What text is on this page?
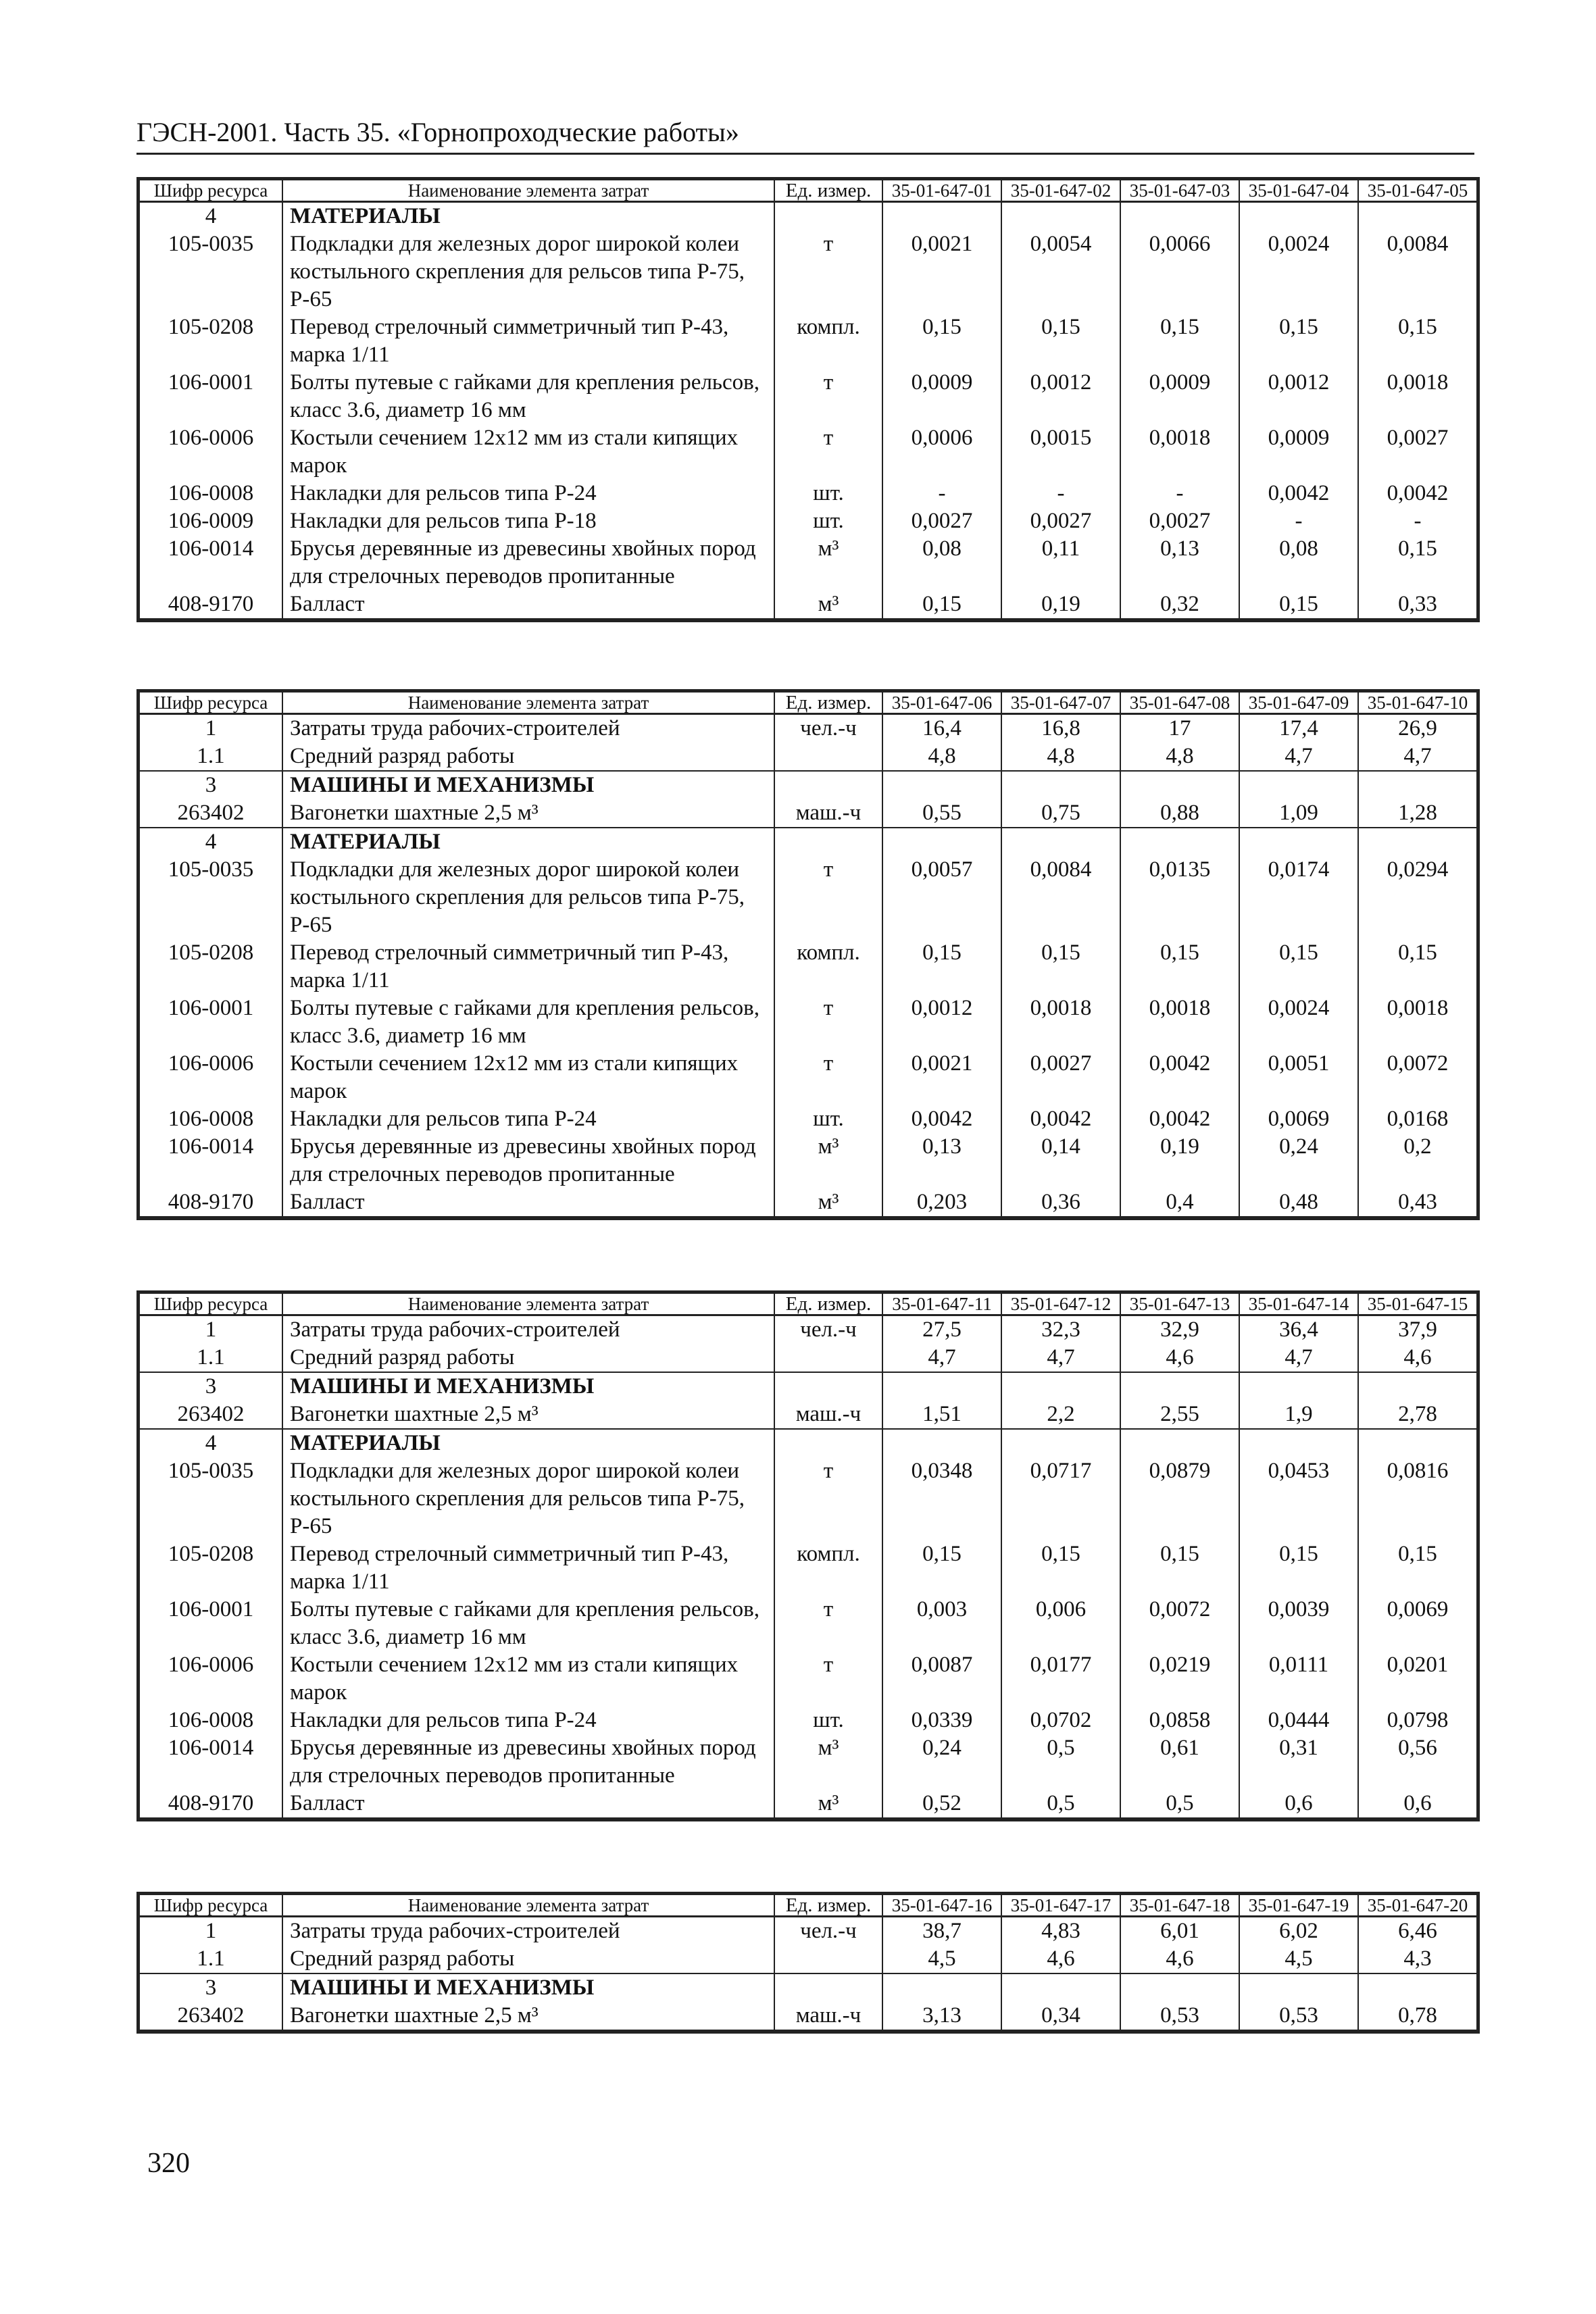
ГЭСН-2001. Часть 35. «Горнопроходческие работы»
Шифр ресурса	Наименование элемента затрат	Ед. измер.	35-01-647-01	35-01-647-02	35-01-647-03	35-01-647-04	35-01-647-05
4	МАТЕРИАЛЫ						
105-0035	Подкладки для железных дорог широкой колеи костыльного скрепления для рельсов типа Р-75, Р-65	т	0,0021	0,0054	0,0066	0,0024	0,0084
105-0208	Перевод стрелочный симметричный тип Р-43, марка 1/11	компл.	0,15	0,15	0,15	0,15	0,15
106-0001	Болты путевые с гайками для крепления рельсов, класс 3.6, диаметр 16 мм	т	0,0009	0,0012	0,0009	0,0012	0,0018
106-0006	Костыли сечением 12х12 мм из стали кипящих марок	т	0,0006	0,0015	0,0018	0,0009	0,0027
106-0008	Накладки для рельсов типа Р-24	шт.	-	-	-	0,0042	0,0042
106-0009	Накладки для рельсов типа Р-18	шт.	0,0027	0,0027	0,0027	-	-
106-0014	Брусья деревянные из древесины хвойных пород для стрелочных переводов пропитанные	м³	0,08	0,11	0,13	0,08	0,15
408-9170	Балласт	м³	0,15	0,19	0,32	0,15	0,33
Шифр ресурса	Наименование элемента затрат	Ед. измер.	35-01-647-06	35-01-647-07	35-01-647-08	35-01-647-09	35-01-647-10
1	Затраты труда рабочих-строителей	чел.-ч	16,4	16,8	17	17,4	26,9
1.1	Средний разряд работы		4,8	4,8	4,8	4,7	4,7
3	МАШИНЫ И МЕХАНИЗМЫ						
263402	Вагонетки шахтные 2,5 м³	маш.-ч	0,55	0,75	0,88	1,09	1,28
4	МАТЕРИАЛЫ						
105-0035	Подкладки для железных дорог широкой колеи костыльного скрепления для рельсов типа Р-75, Р-65	т	0,0057	0,0084	0,0135	0,0174	0,0294
105-0208	Перевод стрелочный симметричный тип Р-43, марка 1/11	компл.	0,15	0,15	0,15	0,15	0,15
106-0001	Болты путевые с гайками для крепления рельсов, класс 3.6, диаметр 16 мм	т	0,0012	0,0018	0,0018	0,0024	0,0018
106-0006	Костыли сечением 12х12 мм из стали кипящих марок	т	0,0021	0,0027	0,0042	0,0051	0,0072
106-0008	Накладки для рельсов типа Р-24	шт.	0,0042	0,0042	0,0042	0,0069	0,0168
106-0014	Брусья деревянные из древесины хвойных пород для стрелочных переводов пропитанные	м³	0,13	0,14	0,19	0,24	0,2
408-9170	Балласт	м³	0,203	0,36	0,4	0,48	0,43
Шифр ресурса	Наименование элемента затрат	Ед. измер.	35-01-647-11	35-01-647-12	35-01-647-13	35-01-647-14	35-01-647-15
1	Затраты труда рабочих-строителей	чел.-ч	27,5	32,3	32,9	36,4	37,9
1.1	Средний разряд работы		4,7	4,7	4,6	4,7	4,6
3	МАШИНЫ И МЕХАНИЗМЫ						
263402	Вагонетки шахтные 2,5 м³	маш.-ч	1,51	2,2	2,55	1,9	2,78
4	МАТЕРИАЛЫ						
105-0035	Подкладки для железных дорог широкой колеи костыльного скрепления для рельсов типа Р-75, Р-65	т	0,0348	0,0717	0,0879	0,0453	0,0816
105-0208	Перевод стрелочный симметричный тип Р-43, марка 1/11	компл.	0,15	0,15	0,15	0,15	0,15
106-0001	Болты путевые с гайками для крепления рельсов, класс 3.6, диаметр 16 мм	т	0,003	0,006	0,0072	0,0039	0,0069
106-0006	Костыли сечением 12х12 мм из стали кипящих марок	т	0,0087	0,0177	0,0219	0,0111	0,0201
106-0008	Накладки для рельсов типа Р-24	шт.	0,0339	0,0702	0,0858	0,0444	0,0798
106-0014	Брусья деревянные из древесины хвойных пород для стрелочных переводов пропитанные	м³	0,24	0,5	0,61	0,31	0,56
408-9170	Балласт	м³	0,52	0,5	0,5	0,6	0,6
Шифр ресурса	Наименование элемента затрат	Ед. измер.	35-01-647-16	35-01-647-17	35-01-647-18	35-01-647-19	35-01-647-20
1	Затраты труда рабочих-строителей	чел.-ч	38,7	4,83	6,01	6,02	6,46
1.1	Средний разряд работы		4,5	4,6	4,6	4,5	4,3
3	МАШИНЫ И МЕХАНИЗМЫ						
263402	Вагонетки шахтные 2,5 м³	маш.-ч	3,13	0,34	0,53	0,53	0,78
320
